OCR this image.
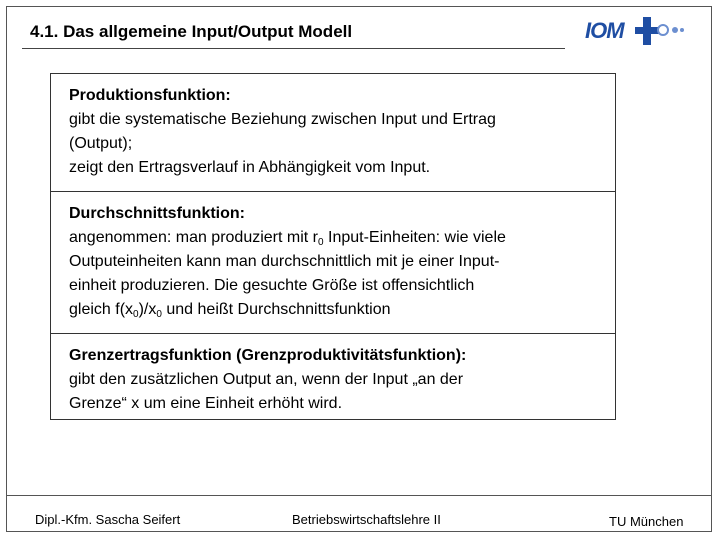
4.1. Das allgemeine Input/Output Modell	IOM
Produktionsfunktion:
gibt die systematische Beziehung zwischen Input und Ertrag
(Output);
zeigt den Ertragsverlauf in Abhängigkeit vom Input.
Durchschnittsfunktion:
angenommen: man produziert mit $r_0$ Input-Einheiten: wie viele
Outputeinheiten kann man durchschnittlich mit je einer Input-
einheit produzieren. Die gesuchte Größe ist offensichtlich
gleich $f(x_0)/x_0$ und heißt Durchschnittsfunktion
Grenzertragsfunktion (Grenzproduktivitätsfunktion):
gibt den zusätzlichen Output an, wenn der Input „an der
Grenze“ x um eine Einheit erhöht wird.
Dipl.-Kfm. Sascha Seifert	Betriebswirtschaftslehre II	TU München
